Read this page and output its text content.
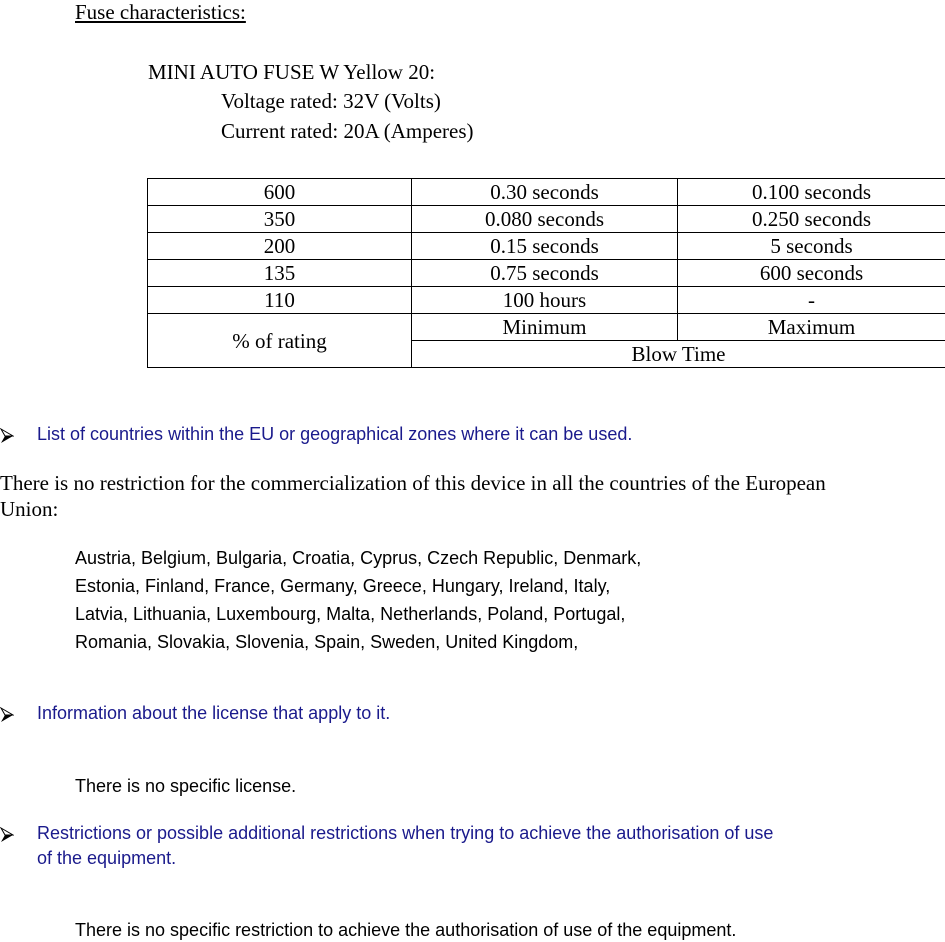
Fuse characteristics:
MINI AUTO FUSE W Yellow 20:
Voltage rated: 32V (Volts)
Current rated: 20A (Amperes)
600	0.30 seconds	0.100 seconds
350	0.080 seconds	0.250 seconds
200	0.15 seconds	5 seconds
135	0.75 seconds	600 seconds
110	100 hours	-
% of rating	Minimum	Maximum
	Blow Time	
List of countries within the EU or geographical zones where it can be used.
There is no restriction for the commercialization of this device in all the countries of the European
Union:
Austria, Belgium, Bulgaria, Croatia, Cyprus, Czech Republic, Denmark,
Estonia, Finland, France, Germany, Greece, Hungary, Ireland, Italy,
Latvia, Lithuania, Luxembourg, Malta, Netherlands, Poland, Portugal,
Romania, Slovakia, Slovenia, Spain, Sweden, United Kingdom,
Information about the license that apply to it.
There is no specific license.
Restrictions or possible additional restrictions when trying to achieve the authorisation of use
of the equipment.
There is no specific restriction to achieve the authorisation of use of the equipment.
